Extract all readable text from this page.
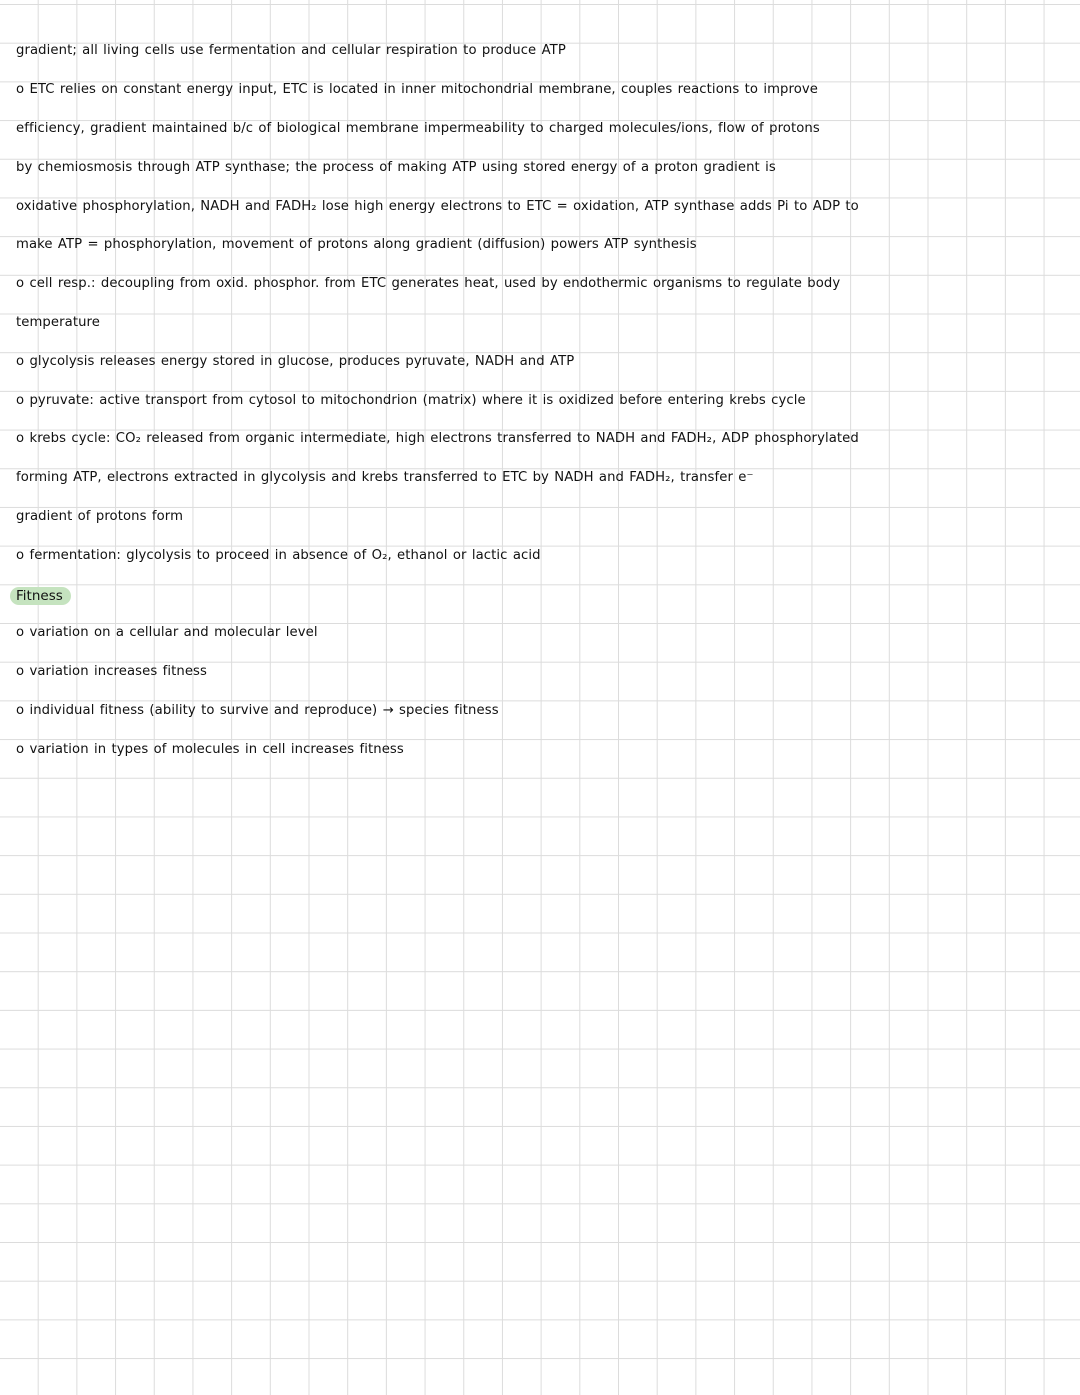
gradient; all living cells use fermentation and cellular respiration to produce ATP
o ETC relies on constant energy input, ETC is located in inner mitochondrial membrane, couples reactions to improve
efficiency, gradient maintained b/c of biological membrane impermeability to charged molecules/ions, flow of protons
by chemiosmosis through ATP synthase; the process of making ATP using stored energy of a proton gradient is
oxidative phosphorylation, NADH and FADH₂ lose high energy electrons to ETC = oxidation, ATP synthase adds Pi to ADP to
make ATP = phosphorylation, movement of protons along gradient (diffusion) powers ATP synthesis
o cell resp.: decoupling from oxid. phosphor. from ETC generates heat, used by endothermic organisms to regulate body
temperature
o glycolysis releases energy stored in glucose, produces pyruvate, NADH and ATP
o pyruvate: active transport from cytosol to mitochondrion (matrix) where it is oxidized before entering krebs cycle
o krebs cycle: CO₂ released from organic intermediate, high electrons transferred to NADH and FADH₂, ADP phosphorylated
forming ATP, electrons extracted in glycolysis and krebs transferred to ETC by NADH and FADH₂, transfer e⁻
gradient of protons form
o fermentation: glycolysis to proceed in absence of O₂, ethanol or lactic acid
Fitness
o variation on a cellular and molecular level
o variation increases fitness
o individual fitness (ability to survive and reproduce) → species fitness
o variation in types of molecules in cell increases fitness
